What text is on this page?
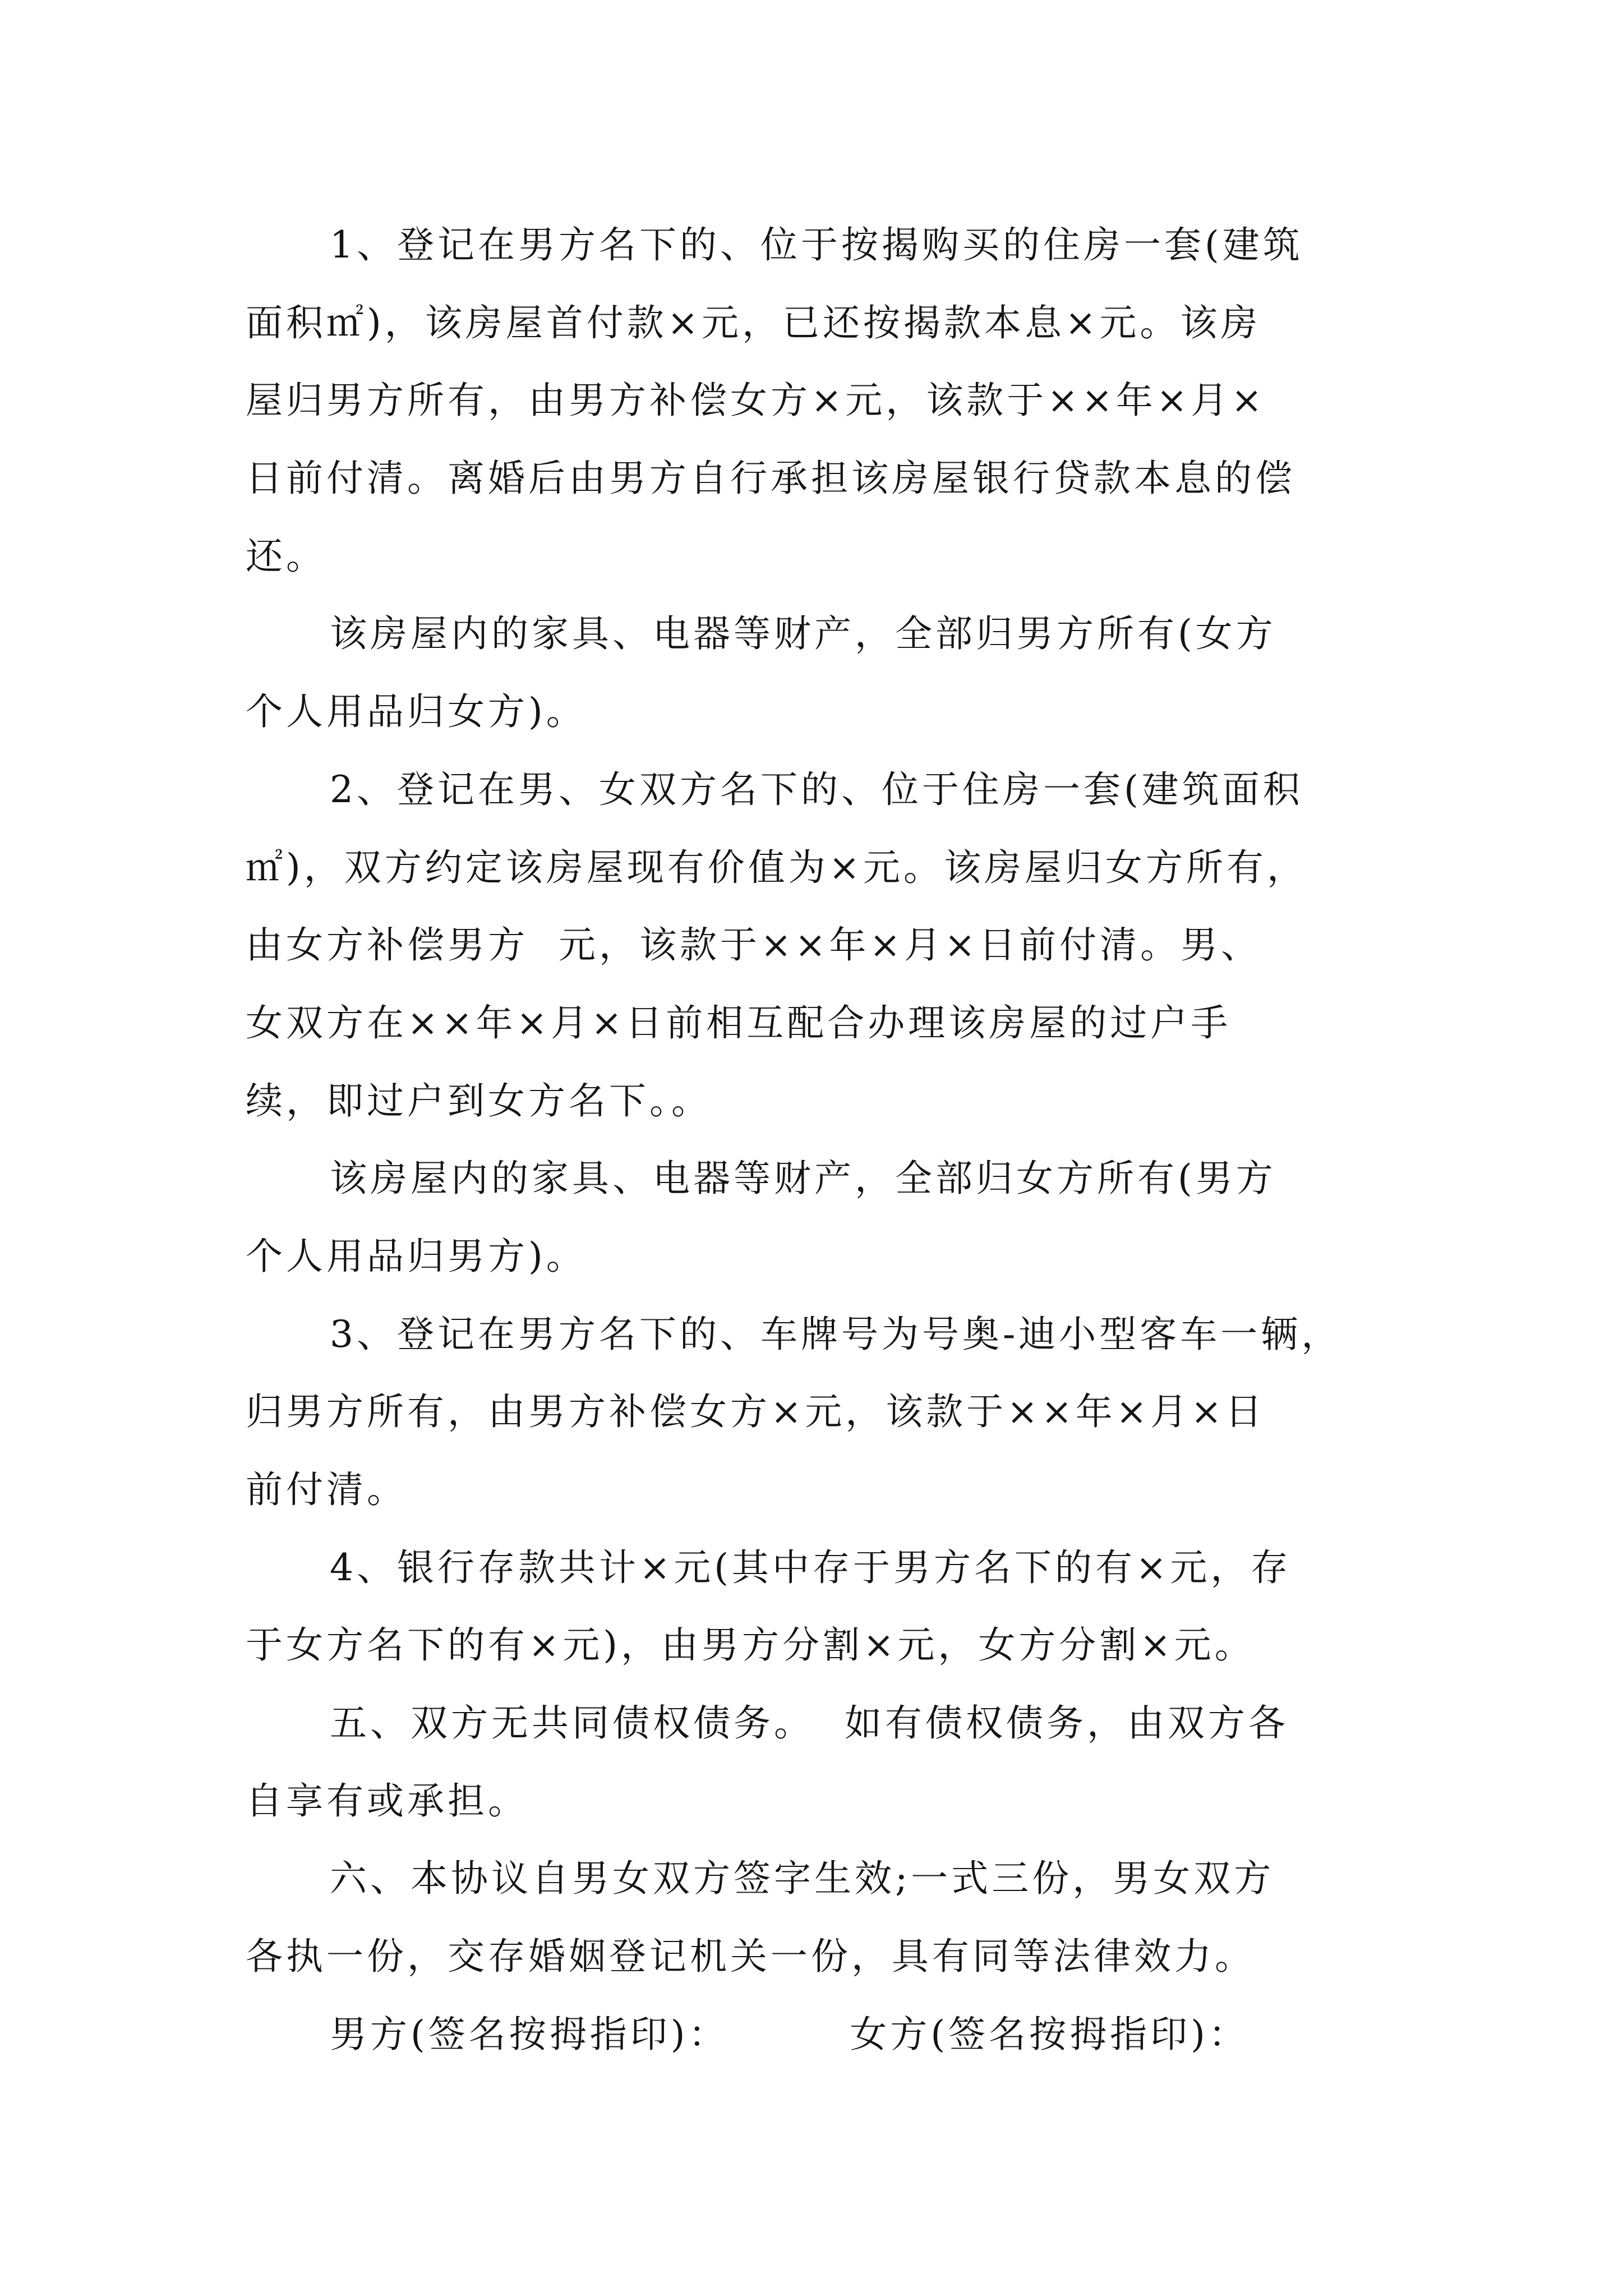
1、登记在男方名下的、位于按揭购买的住房一套(建筑
面积㎡)，该房屋首付款×元，已还按揭款本息×元。该房
屋归男方所有，由男方补偿女方×元，该款于××年×月×
日前付清。离婚后由男方自行承担该房屋银行贷款本息的偿
还。
该房屋内的家具、电器等财产，全部归男方所有(女方
个人用品归女方)。
2、登记在男、女双方名下的、位于住房一套(建筑面积
㎡)，双方约定该房屋现有价值为×元。该房屋归女方所有，
由女方补偿男方  元，该款于××年×月×日前付清。男、
女双方在××年×月×日前相互配合办理该房屋的过户手
续，即过户到女方名下。。
该房屋内的家具、电器等财产，全部归女方所有(男方
个人用品归男方)。
3、登记在男方名下的、车牌号为号奥-迪小型客车一辆，
归男方所有，由男方补偿女方×元，该款于××年×月×日
前付清。
4、银行存款共计×元(其中存于男方名下的有×元，存
于女方名下的有×元)，由男方分割×元，女方分割×元。
五、双方无共同债权债务。  如有债权债务，由双方各
自享有或承担。
六、本协议自男女双方签字生效;一式三份，男女双方
各执一份，交存婚姻登记机关一份，具有同等法律效力。
男方(签名按拇指印)：        女方(签名按拇指印)：
